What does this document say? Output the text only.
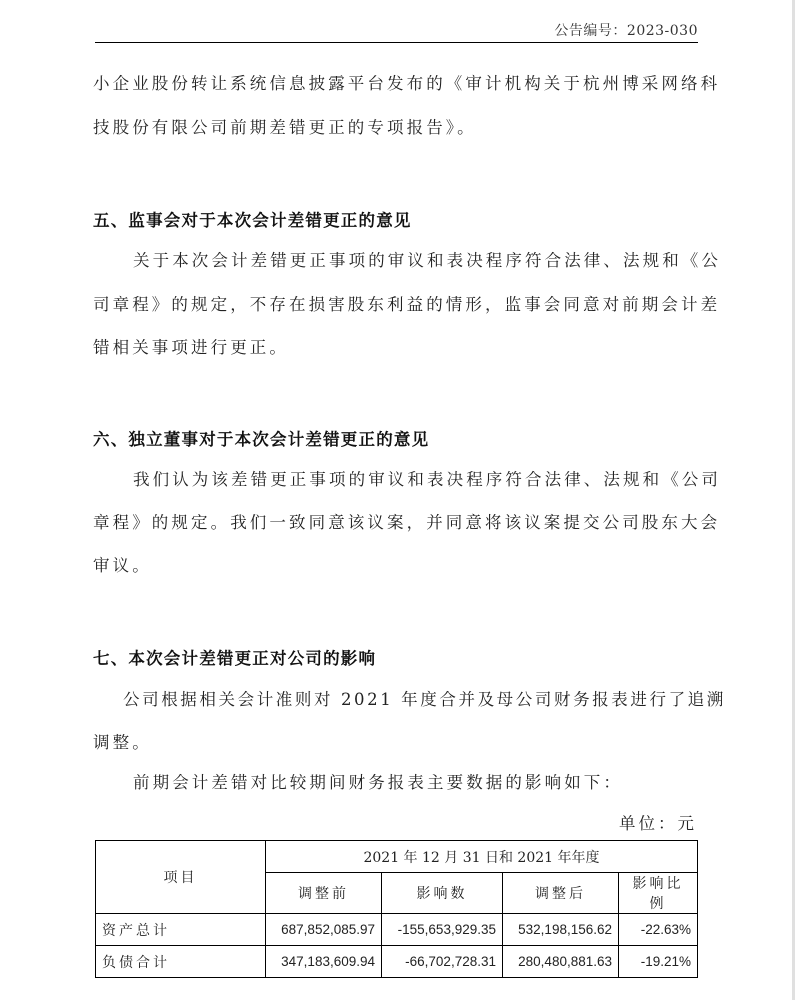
公告编号：2023-030
小企业股份转让系统信息披露平台发布的《审计机构关于杭州博采网络科
技股份有限公司前期差错更正的专项报告》。
五、监事会对于本次会计差错更正的意见
关于本次会计差错更正事项的审议和表决程序符合法律、法规和《公
司章程》的规定，不存在损害股东利益的情形，监事会同意对前期会计差
错相关事项进行更正。
六、独立董事对于本次会计差错更正的意见
我们认为该差错更正事项的审议和表决程序符合法律、法规和《公司
章程》的规定。我们一致同意该议案，并同意将该议案提交公司股东大会
审议。
七、本次会计差错更正对公司的影响
公司根据相关会计准则对 2021 年度合并及母公司财务报表进行了追溯
调整。
前期会计差错对比较期间财务报表主要数据的影响如下：
单位：元
项目	2021 年 12 月 31 日和 2021 年年度			
	调整前	影响数	调整后	影响比例
资产总计	687,852,085.97	-155,653,929.35	532,198,156.62	-22.63%
负债合计	347,183,609.94	-66,702,728.31	280,480,881.63	-19.21%
